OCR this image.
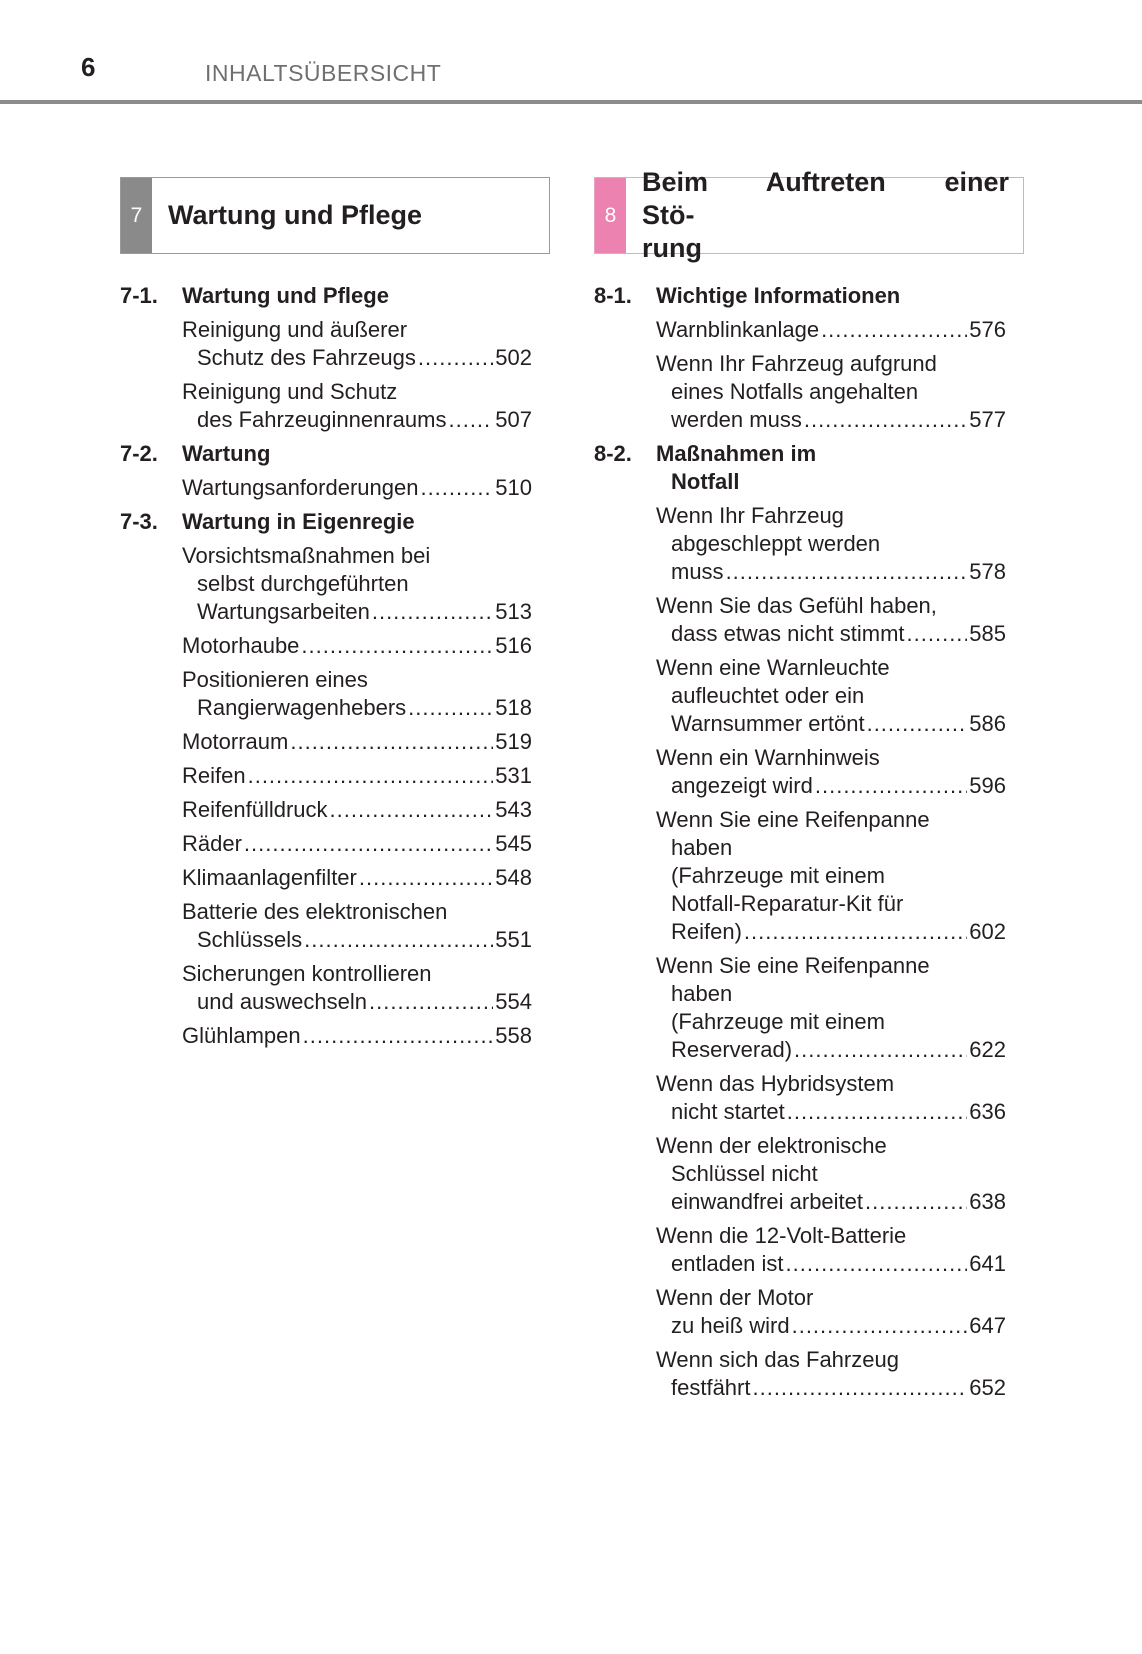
6	INHALTSÜBERSICHT
7 Wartung und Pflege	8
Beim Auftreten einer Stö-
rung
7-1.	Wartung und Pflege
Reinigung und äußerer
Schutz des Fahrzeugs .....	502
Reinigung und Schutz
des Fahrzeuginnenraums ..... 507
7-2.	Wartung
Wartungsanforderungen .....	510
7-3.	Wartung in Eigenregie
Vorsichtsmaßnahmen bei
selbst durchgeführten
Wartungsarbeiten .....	513
Motorhaube .....	516
Positionieren eines
Rangierwagenhebers .....	518
Motorraum .....	519
Reifen .....	531
Reifenfülldruck .....	543
Räder .....	545
Klimaanlagenfilter .....	548
Batterie des elektronischen
Schlüssels .....	551
Sicherungen kontrollieren
und auswechseln .....	554
Glühlampen .....	558
8-1.	Wichtige Informationen
Warnblinkanlage .....	576
Wenn Ihr Fahrzeug aufgrund
eines Notfalls angehalten
werden muss .....	577
8-2.	Maßnahmen im
Notfall
Wenn Ihr Fahrzeug
abgeschleppt werden
muss .....	578
Wenn Sie das Gefühl haben,
dass etwas nicht stimmt .....	585
Wenn eine Warnleuchte
aufleuchtet oder ein
Warnsummer ertönt .....	586
Wenn ein Warnhinweis
angezeigt wird .....	596
Wenn Sie eine Reifenpanne
haben
(Fahrzeuge mit einem
Notfall-Reparatur-Kit für
Reifen) .....	602
Wenn Sie eine Reifenpanne
haben
(Fahrzeuge mit einem
Reserverad) .....	622
Wenn das Hybridsystem
nicht startet .....	636
Wenn der elektronische
Schlüssel nicht
einwandfrei arbeitet .....	638
Wenn die 12-Volt-Batterie
entladen ist .....	641
Wenn der Motor
zu heiß wird .....	647
Wenn sich das Fahrzeug
festfährt .....	652
